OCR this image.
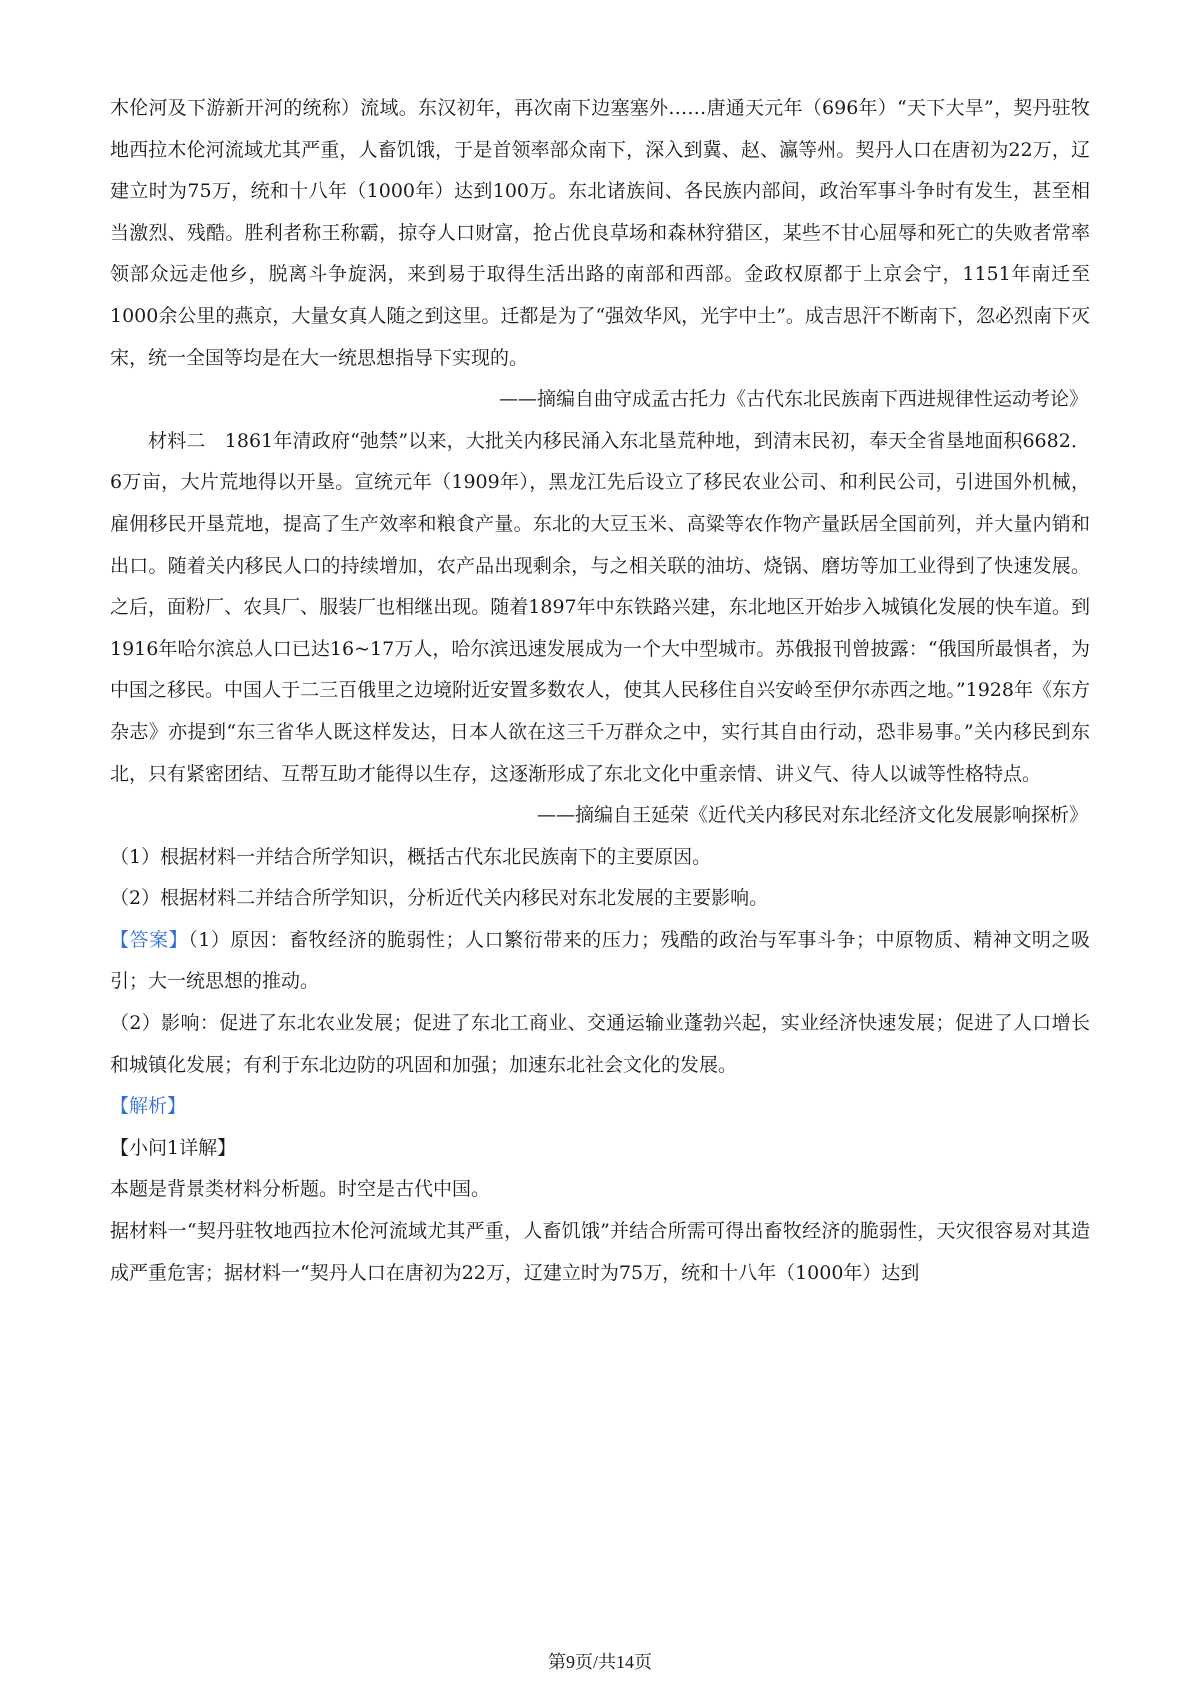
木伦河及下游新开河的统称）流域。东汉初年，再次南下边塞塞外……唐通天元年（696年）“天下大旱”，契丹驻牧地西拉木伦河流域尤其严重，人畜饥饿，于是首领率部众南下，深入到冀、赵、瀛等州。契丹人口在唐初为22万，辽建立时为75万，统和十八年（1000年）达到100万。东北诸族间、各民族内部间，政治军事斗争时有发生，甚至相当激烈、残酷。胜利者称王称霸，掠夺人口财富，抢占优良草场和森林狩猎区，某些不甘心屈辱和死亡的失败者常率领部众远走他乡，脱离斗争旋涡，来到易于取得生活出路的南部和西部。金政权原都于上京会宁，1151年南迁至1000余公里的燕京，大量女真人随之到这里。迁都是为了“强效华风，光宇中土”。成吉思汗不断南下，忽必烈南下灭宋，统一全国等均是在大一统思想指导下实现的。

——摘编自曲守成孟古托力《古代东北民族南下西进规律性运动考论》

材料二　1861年清政府“弛禁”以来，大批关内移民涌入东北垦荒种地，到清末民初，奉天全省垦地面积6682．6万亩，大片荒地得以开垦。宣统元年（1909年），黑龙江先后设立了移民农业公司、和利民公司，引进国外机械，雇佣移民开垦荒地，提高了生产效率和粮食产量。东北的大豆玉米、高粱等农作物产量跃居全国前列，并大量内销和出口。随着关内移民人口的持续增加，农产品出现剩余，与之相关联的油坊、烧锅、磨坊等加工业得到了快速发展。之后，面粉厂、农具厂、服装厂也相继出现。随着1897年中东铁路兴建，东北地区开始步入城镇化发展的快车道。到1916年哈尔滨总人口已达16~17万人，哈尔滨迅速发展成为一个大中型城市。苏俄报刊曾披露：“俄国所最惧者，为中国之移民。中国人于二三百俄里之边境附近安置多数农人，使其人民移住自兴安岭至伊尔赤西之地。”1928年《东方杂志》亦提到“东三省华人既这样发达，日本人欲在这三千万群众之中，实行其自由行动，恐非易事。”关内移民到东北，只有紧密团结、互帮互助才能得以生存，这逐渐形成了东北文化中重亲情、讲义气、待人以诚等性格特点。

——摘编自王延荣《近代关内移民对东北经济文化发展影响探析》

（1）根据材料一并结合所学知识，概括古代东北民族南下的主要原因。

（2）根据材料二并结合所学知识，分析近代关内移民对东北发展的主要影响。

【答案】（1）原因：畜牧经济的脆弱性；人口繁衍带来的压力；残酷的政治与军事斗争；中原物质、精神文明之吸引；大一统思想的推动。

（2）影响：促进了东北农业发展；促进了东北工商业、交通运输业蓬勃兴起，实业经济快速发展；促进了人口增长和城镇化发展；有利于东北边防的巩固和加强；加速东北社会文化的发展。

【解析】

【小问1详解】

本题是背景类材料分析题。时空是古代中国。

据材料一“契丹驻牧地西拉木伦河流域尤其严重，人畜饥饿”并结合所需可得出畜牧经济的脆弱性，天灾很容易对其造成严重危害；据材料一“契丹人口在唐初为22万，辽建立时为75万，统和十八年（1000年）达到

第9页/共14页
